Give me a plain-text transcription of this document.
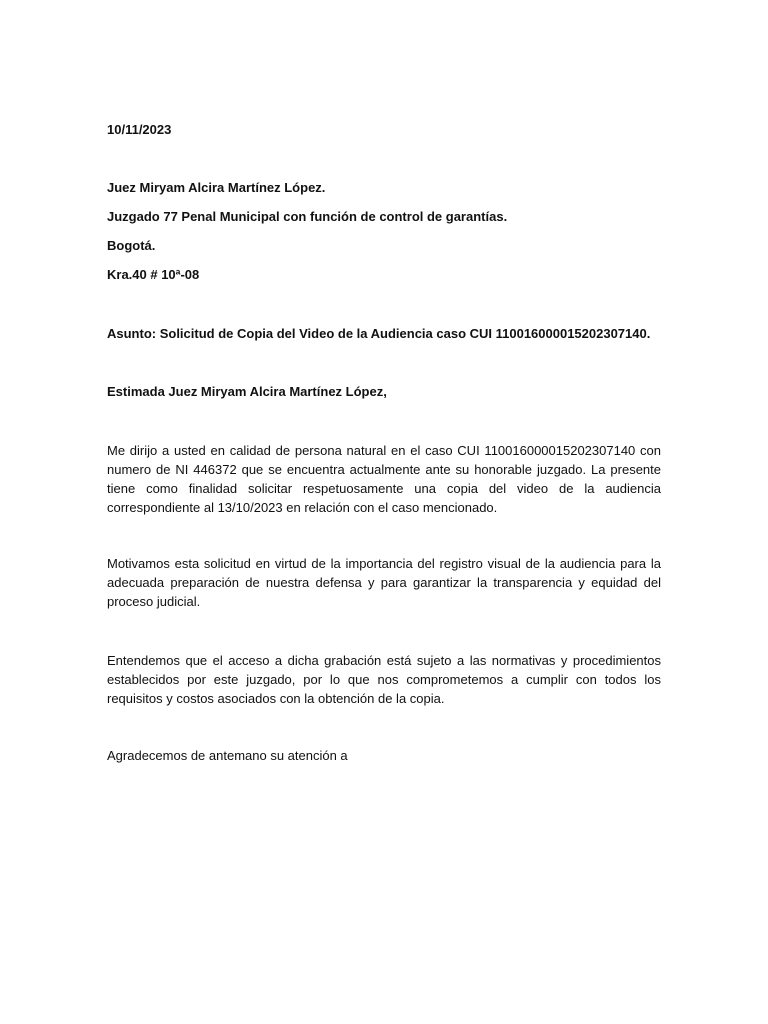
10/11/2023
Juez Miryam Alcira Martínez López.
Juzgado 77 Penal Municipal con función de control de garantías.
Bogotá.
Kra.40 # 10ª-08
Asunto: Solicitud de Copia del Video de la Audiencia caso CUI 110016000015202307140.
Estimada Juez Miryam Alcira Martínez López,
Me dirijo a usted en calidad de persona natural en el caso CUI 110016000015202307140 con numero de NI 446372 que se encuentra actualmente ante su honorable juzgado. La presente tiene como finalidad solicitar respetuosamente una copia del video de la audiencia correspondiente al 13/10/2023 en relación con el caso mencionado.
Motivamos esta solicitud en virtud de la importancia del registro visual de la audiencia para la adecuada preparación de nuestra defensa y para garantizar la transparencia y equidad del proceso judicial.
Entendemos que el acceso a dicha grabación está sujeto a las normativas y procedimientos establecidos por este juzgado, por lo que nos comprometemos a cumplir con todos los requisitos y costos asociados con la obtención de la copia.
Agradecemos de antemano su atención a
